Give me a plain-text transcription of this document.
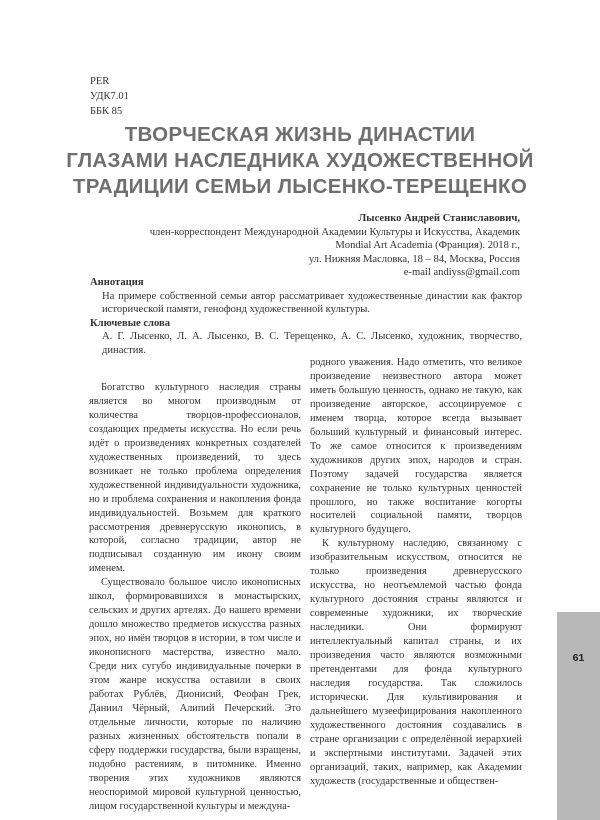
PER
УДК7.01
ББК 85
ТВОРЧЕСКАЯ ЖИЗНЬ ДИНАСТИИ
ГЛАЗАМИ НАСЛЕДНИКА ХУДОЖЕСТВЕННОЙ
ТРАДИЦИИ СЕМЬИ ЛЫСЕНКО-ТЕРЕЩЕНКО
Лысенко Андрей Станиславович,
член-корреспондент Международной Академии Культуры и Искусства, Академик
Mondial Art Academia (Франция). 2018 г.,
ул. Нижняя Масловка, 18 – 84, Москва, Россия
e-mail andiyss@gmail.com
Аннотация
На примере собственной семьи автор рассматривает художественные династии как фактор исторической памяти, генофонд художественной культуры.
Ключевые слова
А. Г. Лысенко, Л. А. Лысенко, В. С. Терещенко, А. С. Лысенко, художник, творчество, династия.

Богатство культурного наследия страны является во многом производным от количества творцов-профессионалов, создающих предметы искусства. Но если речь идёт о произведениях конкретных создателей художественных произведений, то здесь возникает не только проблема определения художественной индивидуальности художника, но и проблема сохранения и накопления фонда индивидуальностей. Возьмем для краткого рассмотрения древнерусскую иконопись, в которой, согласно традиции, автор не подписывал созданную им икону своим именем.

Существовало большое число иконописных школ, формировавшихся в монастырских, сельских и других артелях. До нашего времени дошло множество предметов искусства разных эпох, но имён творцов в истории, в том числе и иконописного мастерства, известно мало. Среди них сугубо индивидуальные почерки в этом жанре искусства оставили в своих работах Рублёв, Дионисий, Феофан Грек, Даниил Чёрный, Алипий Печерский. Это отдельные личности, которые по наличию разных жизненных обстоятельств попали в сферу поддержки государства, были взращены, подобно растениям, в питомнике. Именно творения этих художников являются неоспоримой мировой культурной ценностью, лицом государственной культуры и междуна-

родного уважения. Надо отметить, что великое произведение неизвестного автора может иметь большую ценность, однако не такую, как произведение авторское, ассоциируемое с именем творца, которое всегда вызывает больший культурный и финансовый интерес. То же самое относится к произведениям художников других эпох, народов и стран. Поэтому задачей государства является сохранение не только культурных ценностей прошлого, но также воспитание когорты носителей социальной памяти, творцов культурного будущего.

К культурному наследию, связанному с изобразительным искусством, относится не только произведения древнерусского искусства, но неотъемлемой частью фонда культурного достояния страны являются и современные художники, их творческие наследники. Они формируют интеллектуальный капитал страны, и их произведения часто являются возможными претендентами для фонда культурного наследия государства. Так сложилось исторически. Для культивирования и дальнейшего музеефицирования накопленного художественного достояния создавались в стране организации с определённой иерархией и экспертными институтами. Задачей этих организаций, таких, например, как Академии художеств (государственные и обществен-

61
